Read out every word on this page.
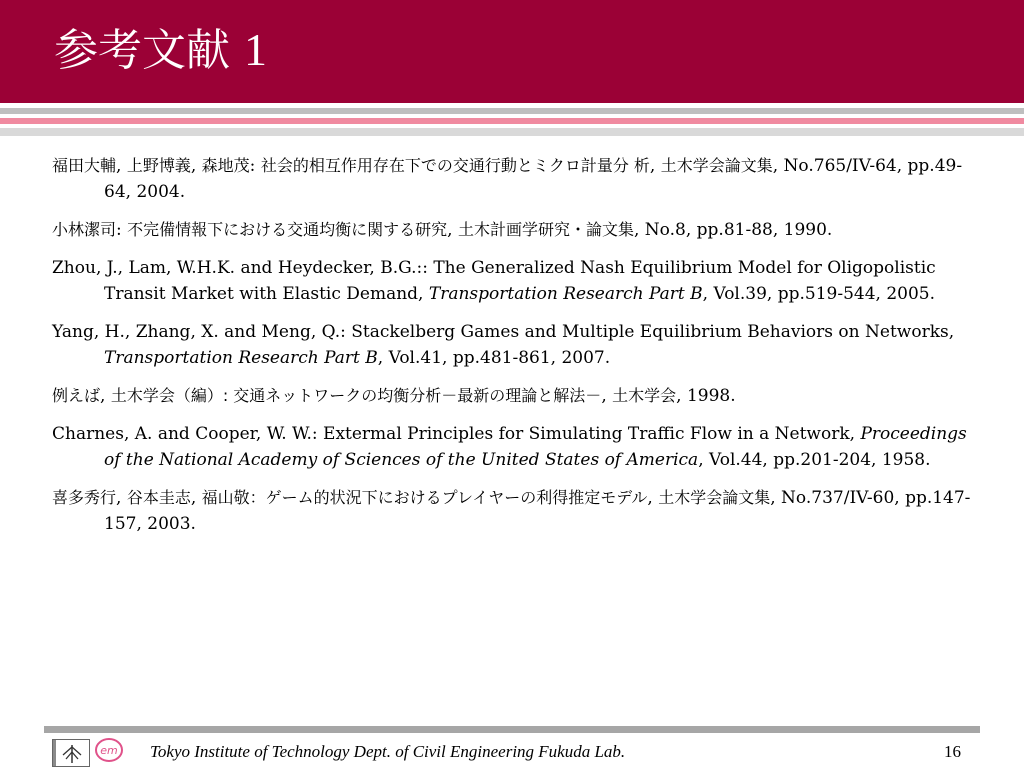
参考文献 1

福田大輔, 上野博義, 森地茂: 社会的相互作用存在下での交通行動とミクロ計量分 析, 土木学会論文集, No.765/IV-64, pp.49-64, 2004.

小林潔司: 不完備情報下における交通均衡に関する研究, 土木計画学研究・論文集, No.8, pp.81-88, 1990.

Zhou, J., Lam, W.H.K. and Heydecker, B.G.:: The Generalized Nash Equilibrium Model for Oligopolistic Transit Market with Elastic Demand, Transportation Research Part B, Vol.39, pp.519-544, 2005.

Yang, H., Zhang, X. and Meng, Q.: Stackelberg Games and Multiple Equilibrium Behaviors on Networks, Transportation Research Part B, Vol.41, pp.481-861, 2007.

例えば, 土木学会（編）: 交通ネットワークの均衡分析－最新の理論と解法－, 土木学会, 1998.

Charnes, A. and Cooper, W. W.: Extermal Principles for Simulating Traffic Flow in a Network, Proceedings of the National Academy of Sciences of the United States of America, Vol.44, pp.201-204, 1958.

喜多秀行, 谷本圭志, 福山敬：ゲーム的状況下におけるプレイヤーの利得推定モデル, 土木学会論文集, No.737/IV-60, pp.147-157, 2003.

em Tokyo Institute of Technology Dept. of Civil Engineering Fukuda Lab.	16
